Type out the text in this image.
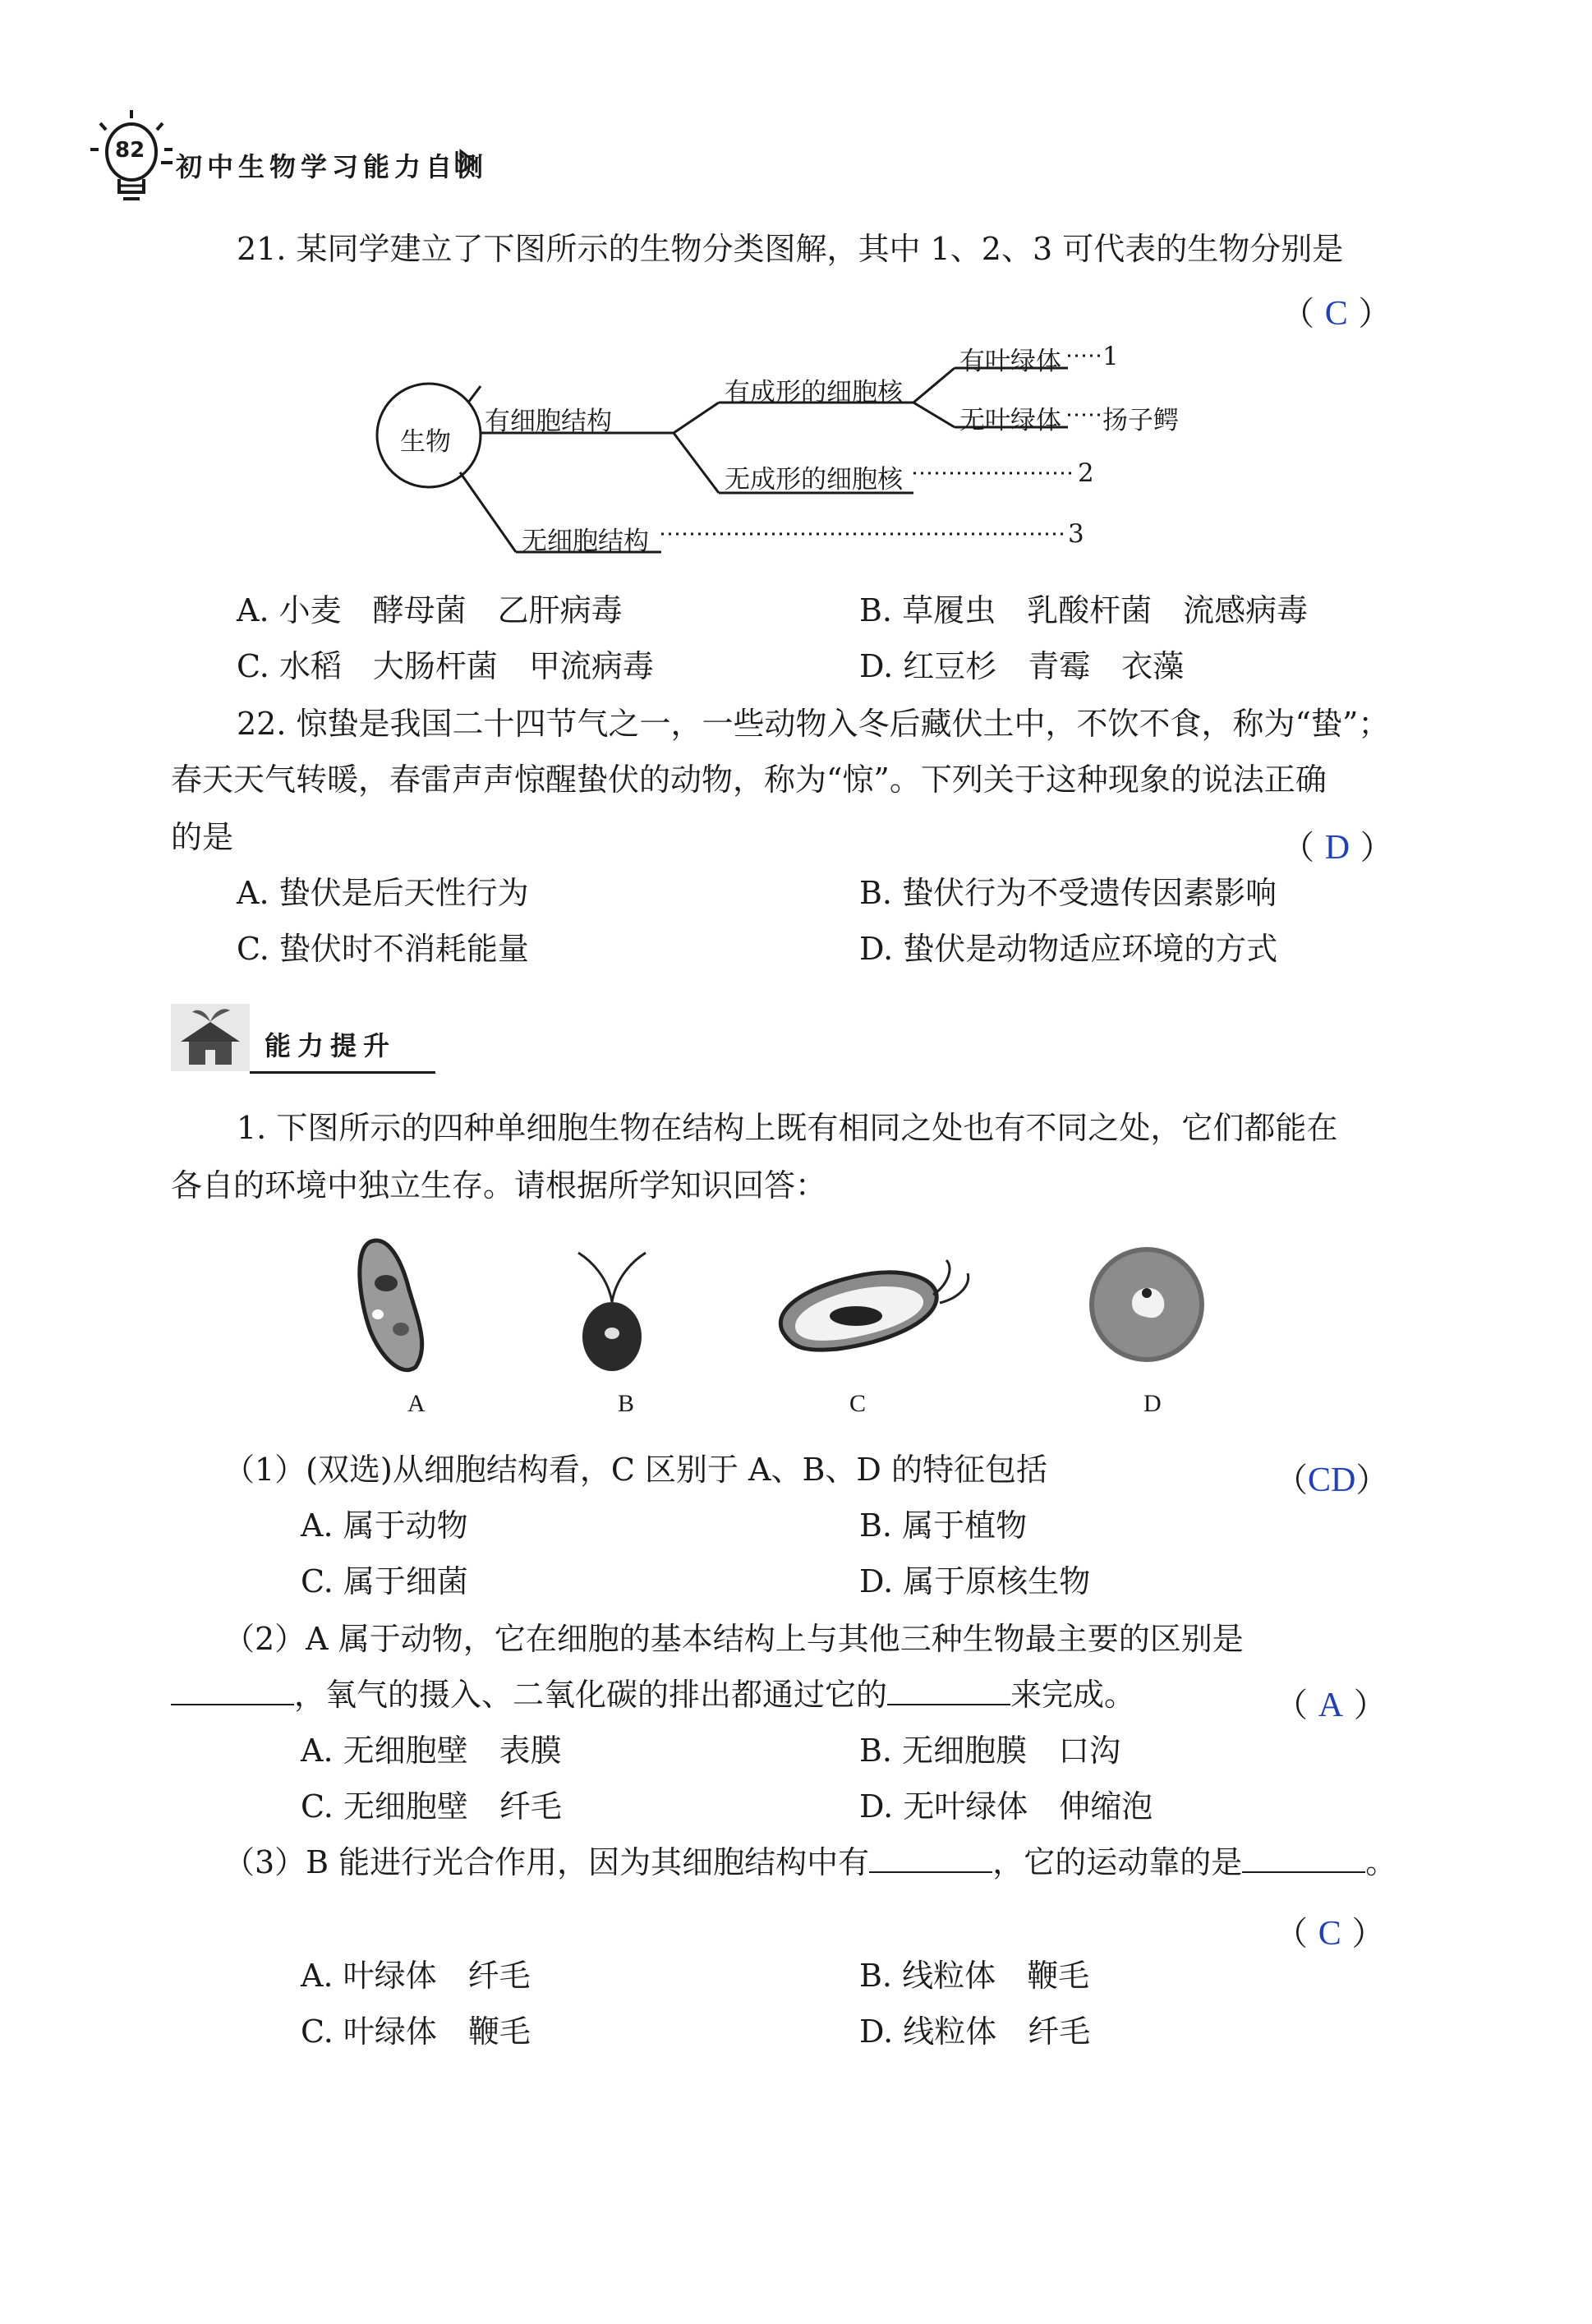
82
初中生物学习能力自测
21. 某同学建立了下图所示的生物分类图解，其中 1、2、3 可代表的生物分别是
（ C ）
生物
有细胞结构
无细胞结构
有成形的细胞核
无成形的细胞核
有叶绿体
无叶绿体
1
扬子鳄
2
3
A. 小麦　酵母菌　乙肝病毒	B. 草履虫　乳酸杆菌　流感病毒
C. 水稻　大肠杆菌　甲流病毒	D. 红豆杉　青霉　衣藻
22. 惊蛰是我国二十四节气之一，一些动物入冬后藏伏土中，不饮不食，称为“蛰”；
春天天气转暖，春雷声声惊醒蛰伏的动物，称为“惊”。下列关于这种现象的说法正确
的是	（ D ）
A. 蛰伏是后天性行为	B. 蛰伏行为不受遗传因素影响
C. 蛰伏时不消耗能量	D. 蛰伏是动物适应环境的方式
能力提升
1. 下图所示的四种单细胞生物在结构上既有相同之处也有不同之处，它们都能在
各自的环境中独立生存。请根据所学知识回答：
A	B	C	D
（1）(双选)从细胞结构看，C 区别于 A、B、D 的特征包括	（CD）
A. 属于动物	B. 属于植物
C. 属于细菌	D. 属于原核生物
（2）A 属于动物，它在细胞的基本结构上与其他三种生物最主要的区别是
，氧气的摄入、二氧化碳的排出都通过它的	来完成。	（ A ）
A. 无细胞壁　表膜	B. 无细胞膜　口沟
C. 无细胞壁　纤毛	D. 无叶绿体　伸缩泡
（3）B 能进行光合作用，因为其细胞结构中有	，它的运动靠的是	。
（ C ）
A. 叶绿体　纤毛	B. 线粒体　鞭毛
C. 叶绿体　鞭毛	D. 线粒体　纤毛
